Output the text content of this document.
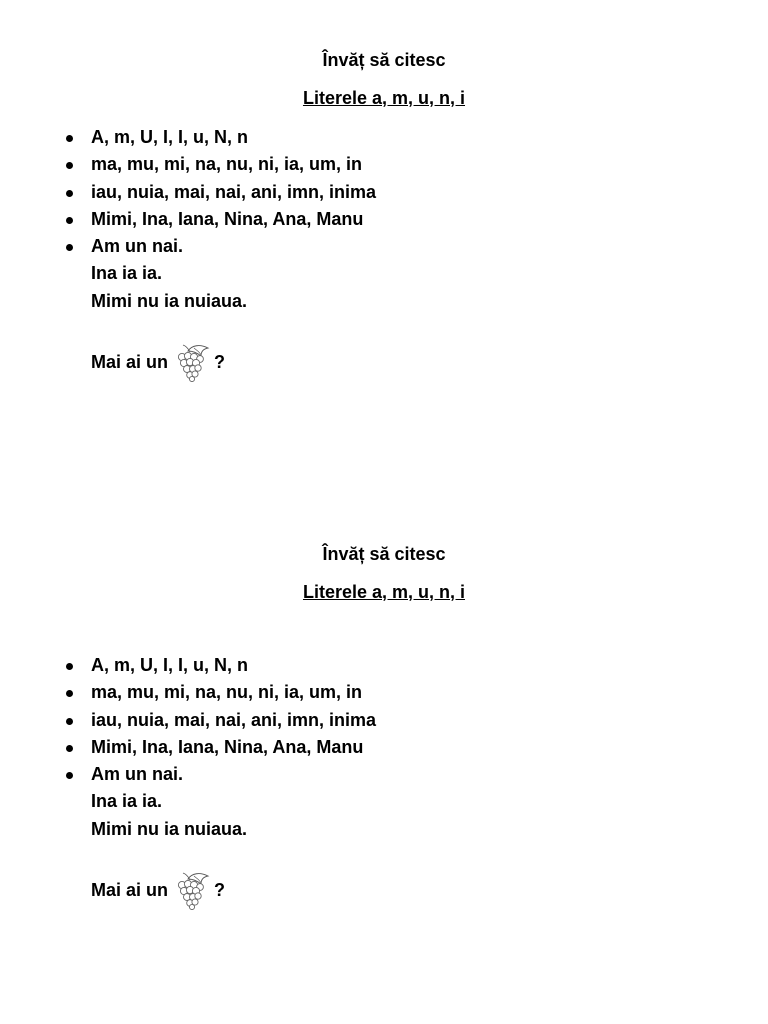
Învăț să citesc

Literele a, m, u, n, i

A, m, U, I, I, u, N, n
ma, mu, mi, na, nu, ni, ia, um, in
iau, nuia, mai, nai, ani, imn, inima
Mimi, Ina, Iana, Nina, Ana, Manu
Am un nai.
Ina ia ia.
Mimi nu ia nuiaua.
Mai ai un	?

Învăț să citesc

Literele a, m, u, n, i

A, m, U, I, I, u, N, n
ma, mu, mi, na, nu, ni, ia, um, in
iau, nuia, mai, nai, ani, imn, inima
Mimi, Ina, Iana, Nina, Ana, Manu
Am un nai.
Ina ia ia.
Mimi nu ia nuiaua.
Mai ai un	?
